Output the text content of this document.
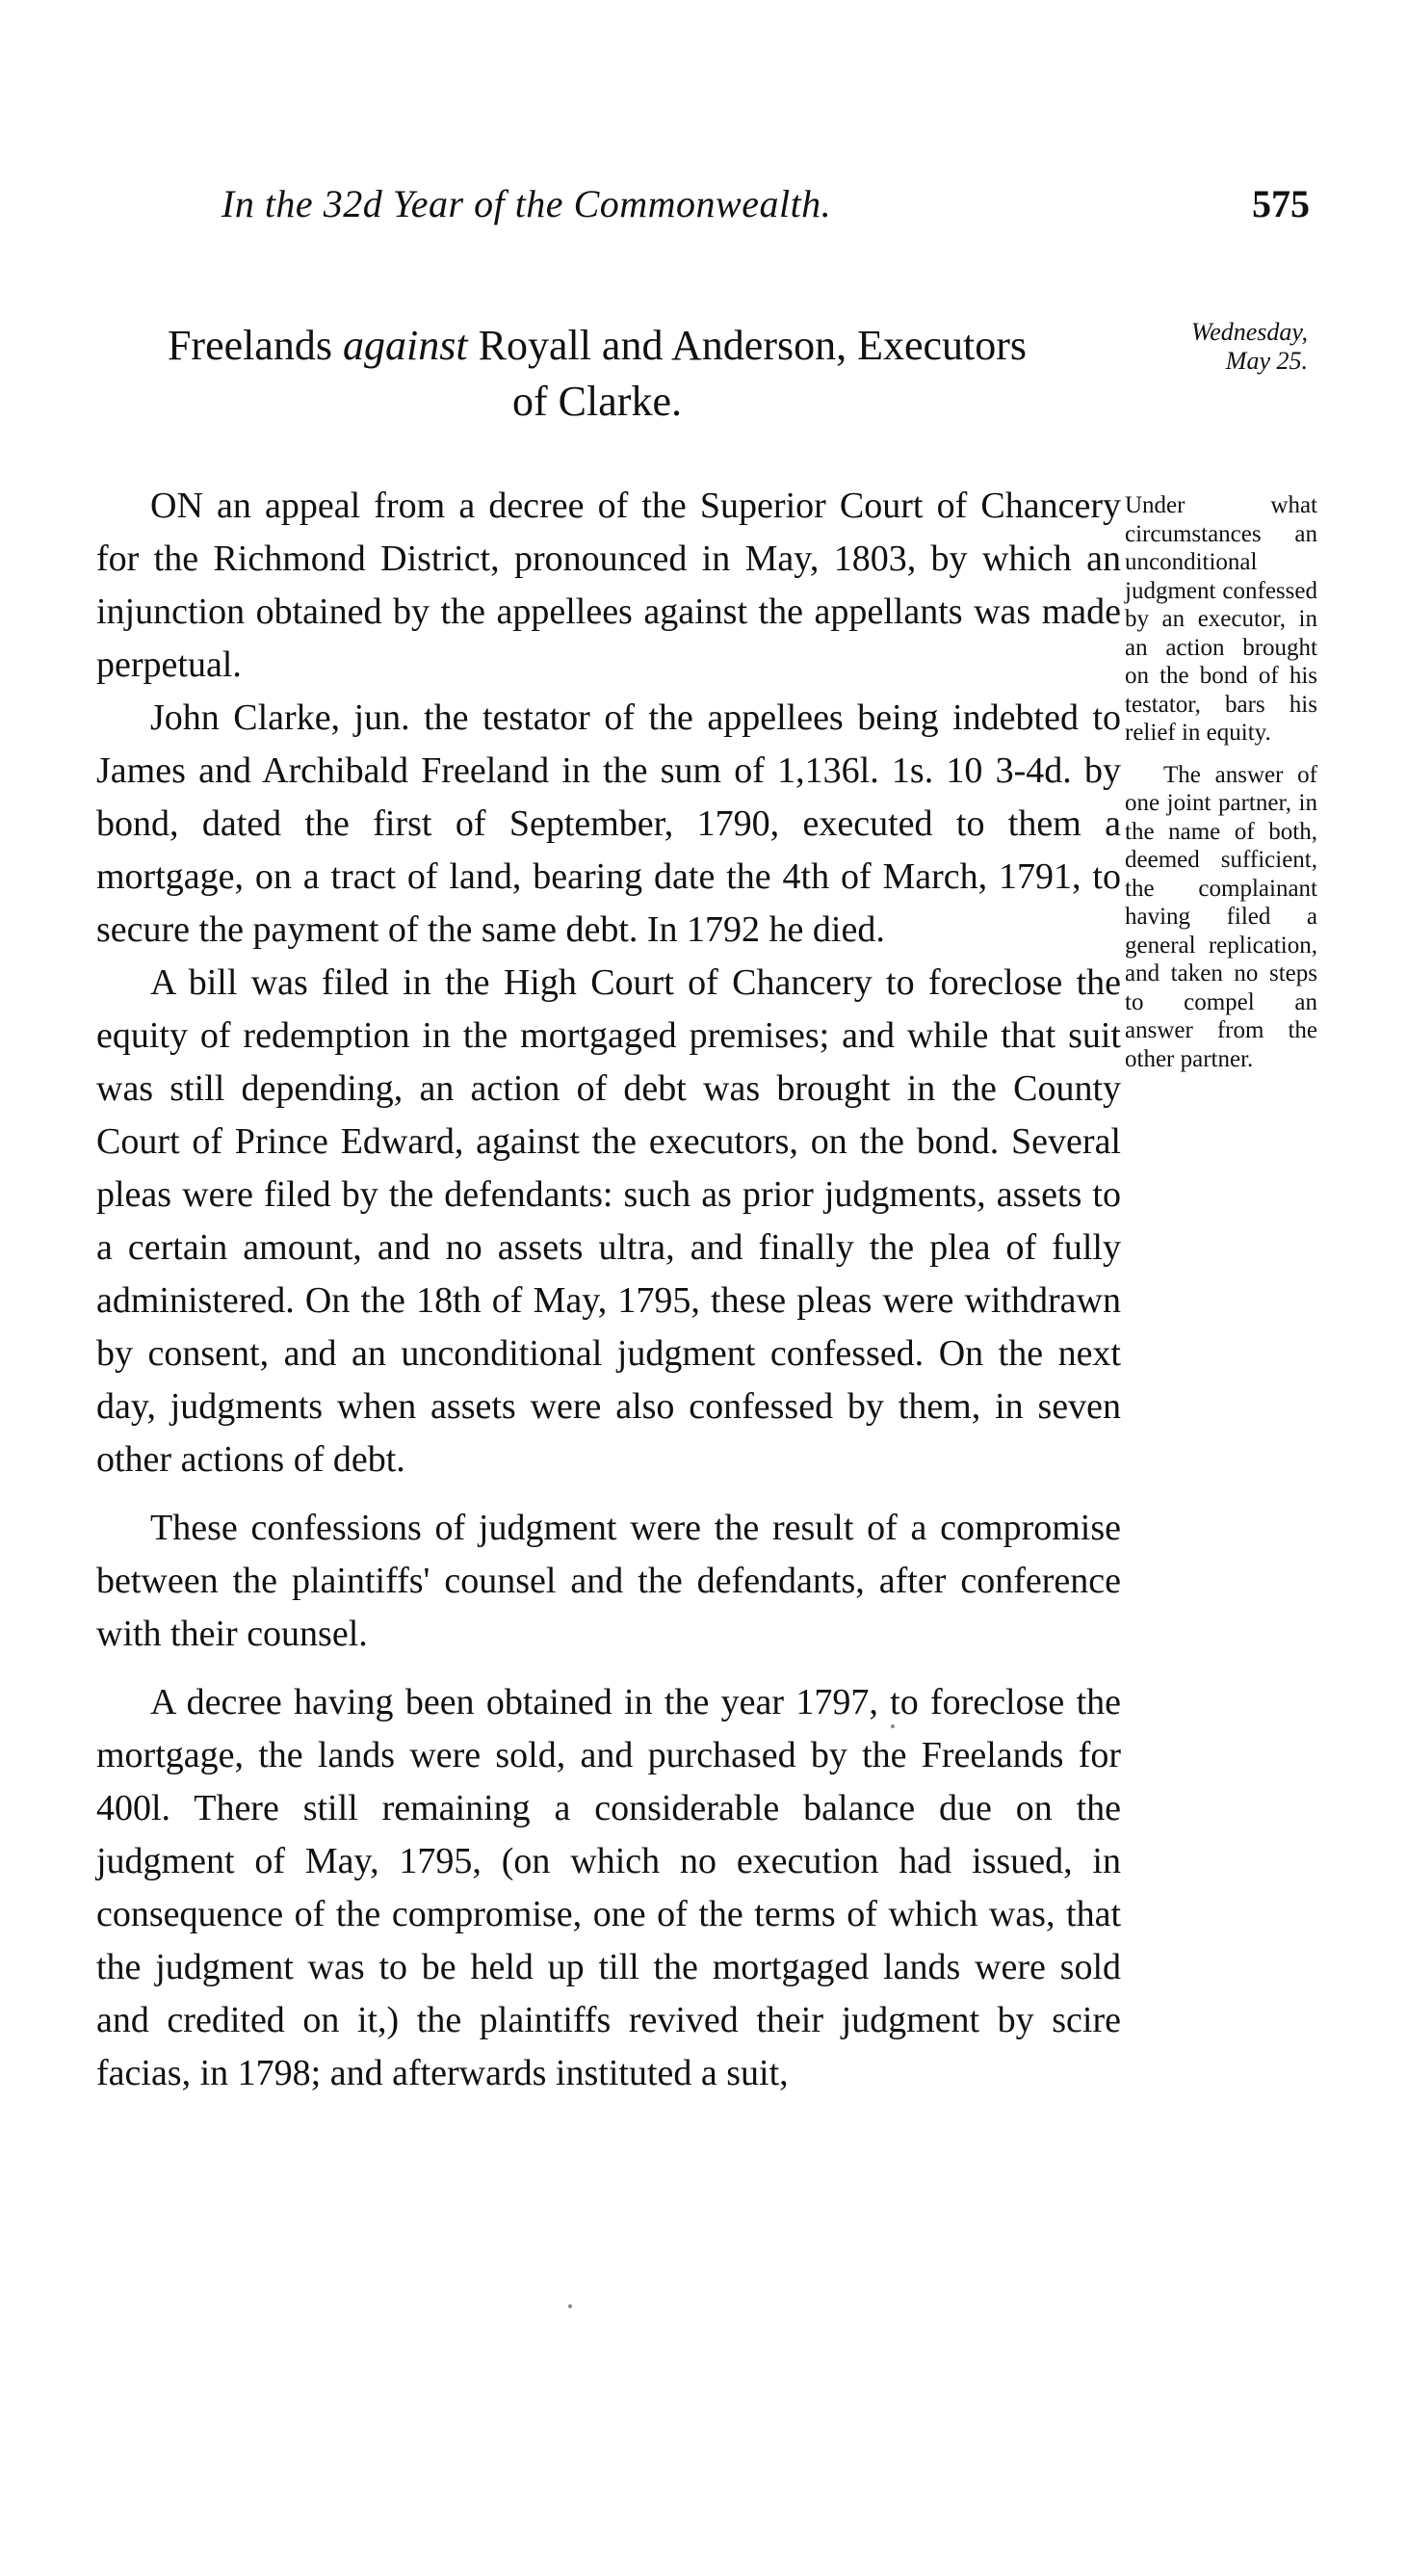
In the 32d Year of the Commonwealth.	575
Freelands against Royall and Anderson, Executors
of Clarke.
Wednesday,
May 25.

ON an appeal from a decree of the Superior Court of Chancery for the Richmond District, pronounced in May, 1803, by which an injunction obtained by the appellees against the appellants was made perpetual.

John Clarke, jun. the testator of the appellees being indebted to James and Archibald Freeland in the sum of 1,136l. 1s. 10 3-4d. by bond, dated the first of September, 1790, executed to them a mortgage, on a tract of land, bearing date the 4th of March, 1791, to secure the payment of the same debt. In 1792 he died.

A bill was filed in the High Court of Chancery to foreclose the equity of redemption in the mortgaged premises; and while that suit was still depending, an action of debt was brought in the County Court of Prince Edward, against the executors, on the bond. Several pleas were filed by the defendants: such as prior judgments, assets to a certain amount, and no assets ultra, and finally the plea of fully administered. On the 18th of May, 1795, these pleas were withdrawn by consent, and an unconditional judgment confessed. On the next day, judgments when assets were also confessed by them, in seven other actions of debt.

These confessions of judgment were the result of a compromise between the plaintiffs' counsel and the defendants, after conference with their counsel.

A decree having been obtained in the year 1797, to foreclose the mortgage, the lands were sold, and purchased by the Freelands for 400l. There still remaining a considerable balance due on the judgment of May, 1795, (on which no execution had issued, in consequence of the compromise, one of the terms of which was, that the judgment was to be held up till the mortgaged lands were sold and credited on it,) the plaintiffs revived their judgment by scire facias, in 1798; and afterwards instituted a suit,

Under what circumstances an unconditional judgment confessed by an executor, in an action brought on the bond of his testator, bars his relief in equity.

The answer of one joint partner, in the name of both, deemed sufficient, the complainant having filed a general replication, and taken no steps to compel an answer from the other partner.
